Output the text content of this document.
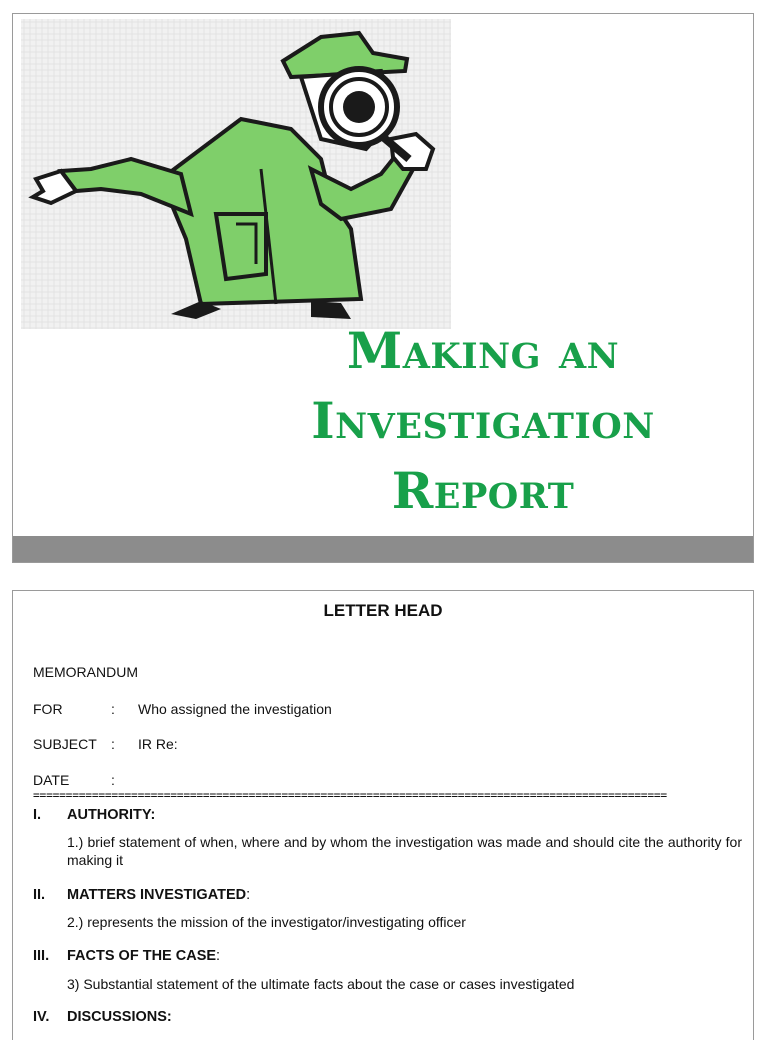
Making an
Investigation
Report
LETTER HEAD
MEMORANDUM
FOR	: Who assigned the investigation
SUBJECT : IR Re:
DATE	:
=================================================================================================
I. AUTHORITY:
1.) brief statement of when, where and by whom the investigation was made and should cite the authority for making it
II. MATTERS INVESTIGATED:
2.) represents the mission of the investigator/investigating officer
III. FACTS OF THE CASE:
3) Substantial statement of the ultimate facts about the case or cases investigated
IV. DISCUSSIONS:
